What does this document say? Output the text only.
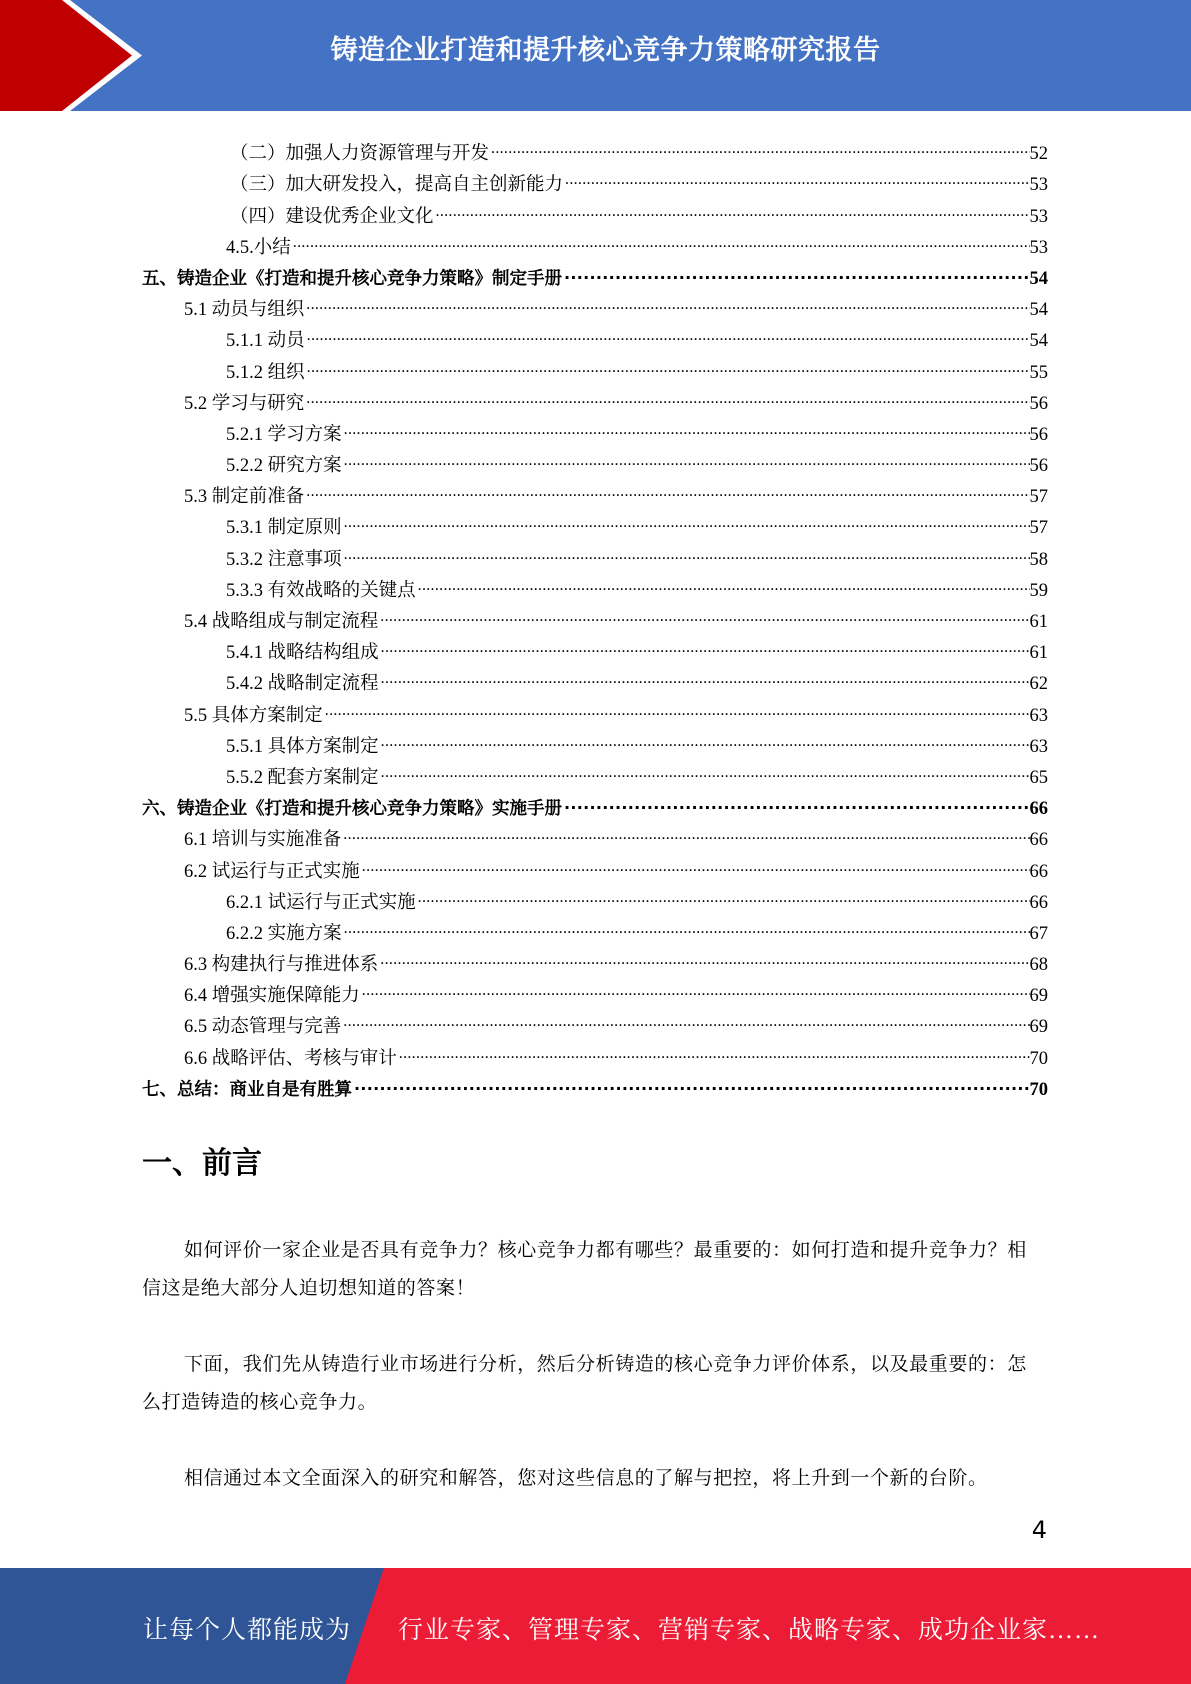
铸造企业打造和提升核心竞争力策略研究报告
（二）加强人力资源管理与开发 .....	52
（三）加大研发投入，提高自主创新能力 .....	53
（四）建设优秀企业文化 .....	53
4.5.小结 .....	53
五、铸造企业《打造和提升核心竞争力策略》制定手册 .....	54
5.1 动员与组织 .....	54
5.1.1 动员 .....	54
5.1.2 组织 .....	55
5.2 学习与研究 .....	56
5.2.1 学习方案 .....	56
5.2.2 研究方案 .....	56
5.3 制定前准备 .....	57
5.3.1 制定原则 .....	57
5.3.2 注意事项 .....	58
5.3.3 有效战略的关键点 .....	59
5.4 战略组成与制定流程 .....	61
5.4.1 战略结构组成 .....	61
5.4.2 战略制定流程 .....	62
5.5 具体方案制定 .....	63
5.5.1 具体方案制定 .....	63
5.5.2 配套方案制定 .....	65
六、铸造企业《打造和提升核心竞争力策略》实施手册 .....	66
6.1 培训与实施准备 .....	66
6.2 试运行与正式实施 .....	66
6.2.1 试运行与正式实施 .....	66
6.2.2 实施方案 .....	67
6.3 构建执行与推进体系 .....	68
6.4 增强实施保障能力 .....	69
6.5 动态管理与完善 .....	69
6.6 战略评估、考核与审计 .....	70
七、总结：商业自是有胜算 .....	70
一、前言

如何评价一家企业是否具有竞争力？核心竞争力都有哪些？最重要的：如何打造和提升竞争力？相信这是绝大部分人迫切想知道的答案！

下面，我们先从铸造行业市场进行分析，然后分析铸造的核心竞争力评价体系，以及最重要的：怎么打造铸造的核心竞争力。

相信通过本文全面深入的研究和解答，您对这些信息的了解与把控，将上升到一个新的台阶。

4
让每个人都能成为 行业专家、管理专家、营销专家、战略专家、成功企业家……
